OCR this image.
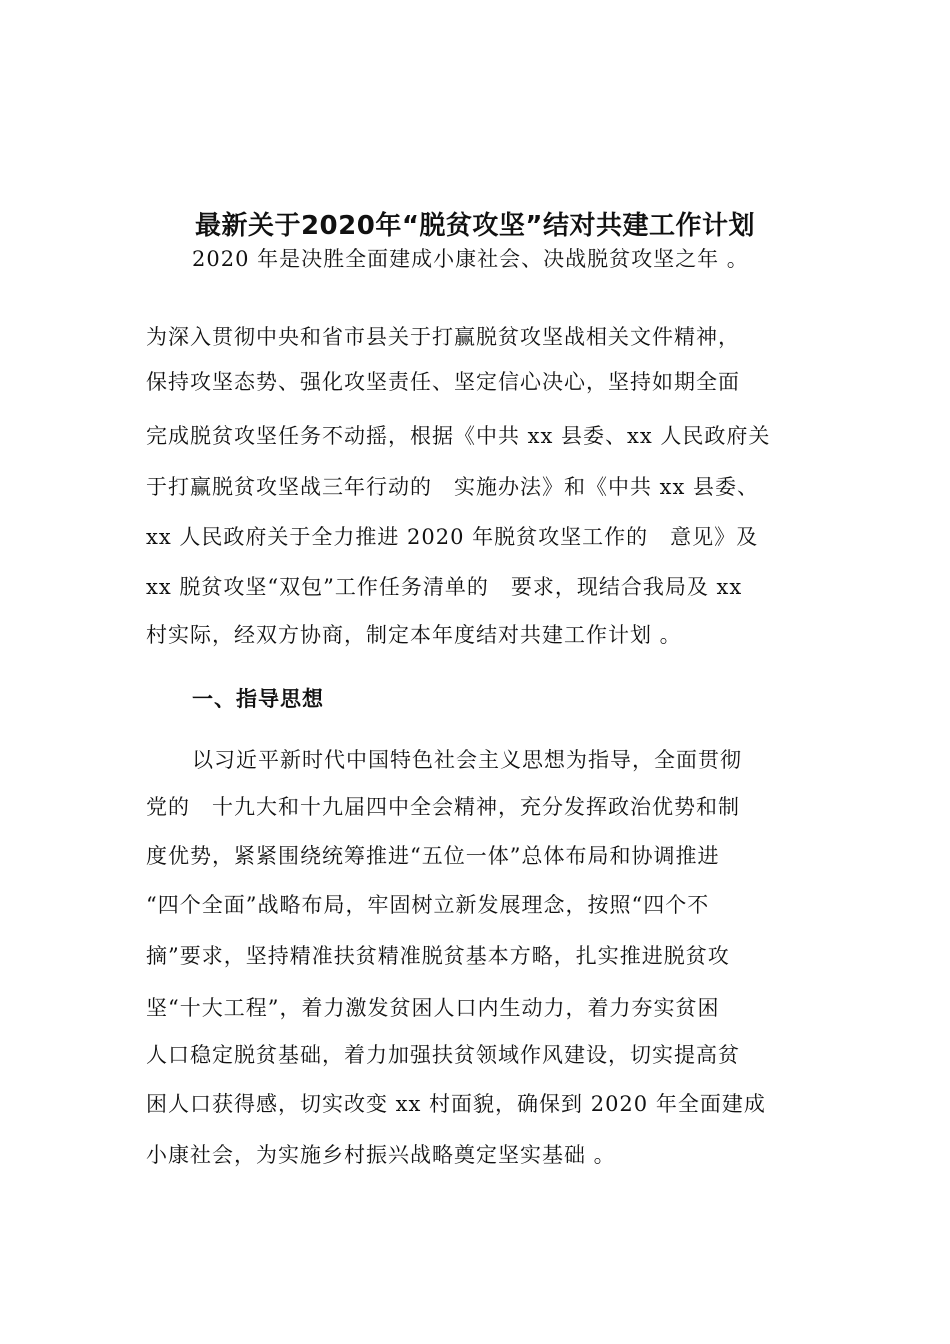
最新关于2020年“脱贫攻坚”结对共建工作计划
2020 年是决胜全面建成小康社会、决战脱贫攻坚之年 。
为深入贯彻中央和省市县关于打赢脱贫攻坚战相关文件精神，
保持攻坚态势、强化攻坚责任、坚定信心决心，坚持如期全面
完成脱贫攻坚任务不动摇，根据《中共 xx 县委、xx 人民政府关
于打赢脱贫攻坚战三年行动的　实施办法》和《中共 xx 县委、
xx 人民政府关于全力推进 2020 年脱贫攻坚工作的　意见》及
xx 脱贫攻坚“双包”工作任务清单的　要求，现结合我局及 xx
村实际，经双方协商，制定本年度结对共建工作计划 。
一、指导思想
以习近平新时代中国特色社会主义思想为指导，全面贯彻
党的　十九大和十九届四中全会精神，充分发挥政治优势和制
度优势，紧紧围绕统筹推进“五位一体”总体布局和协调推进
“四个全面”战略布局，牢固树立新发展理念，按照“四个不
摘”要求，坚持精准扶贫精准脱贫基本方略，扎实推进脱贫攻
坚“十大工程”，着力激发贫困人口内生动力，着力夯实贫困
人口稳定脱贫基础，着力加强扶贫领域作风建设，切实提高贫
困人口获得感，切实改变 xx 村面貌，确保到 2020 年全面建成
小康社会，为实施乡村振兴战略奠定坚实基础 。
